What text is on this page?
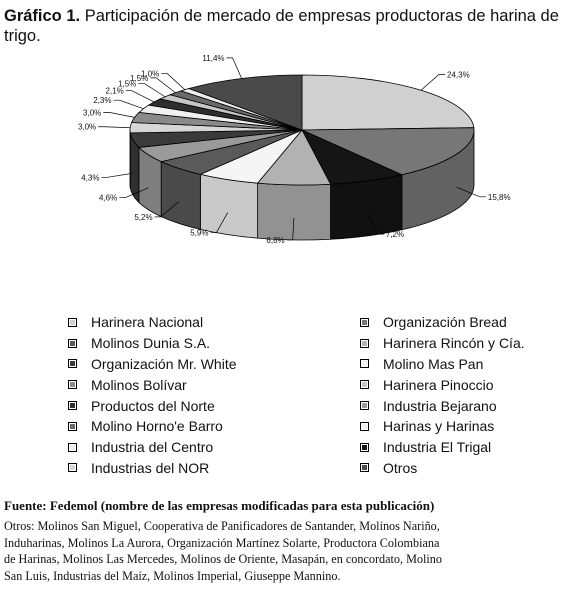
Gráfico 1. Participación de mercado de empresas productoras de harina de trigo.
24,3%
15,8%
7,2%
6,8%
5,9%
5,2%
4,6%
4,3%
3,0%
3,0%
2,3%
2,1%
1,5%
1,5%
1,0%
11,4%
Harinera Nacional
Molinos Dunia S.A.
Organización Mr. White
Molinos Bolívar
Productos del Norte
Molino Horno'e Barro
Industria del Centro
Industrias del NOR
Organización Bread
Harinera Rincón y Cía.
Molino Mas Pan
Harinera Pinoccio
Industria Bejarano
Harinas y Harinas
Industria El Trigal
Otros
Fuente: Fedemol (nombre de las empresas modificadas para esta publicación)
Otros: Molinos San Miguel, Cooperativa de Panificadores de Santander, Molinos Nariño,
Induharinas, Molinos La Aurora, Organización Martínez Solarte, Productora Colombiana
de Harinas, Molinos Las Mercedes, Molinos de Oriente, Masapán, en concordato, Molino
San Luis, Industrias del Maíz, Molinos Imperial, Giuseppe Mannino.
